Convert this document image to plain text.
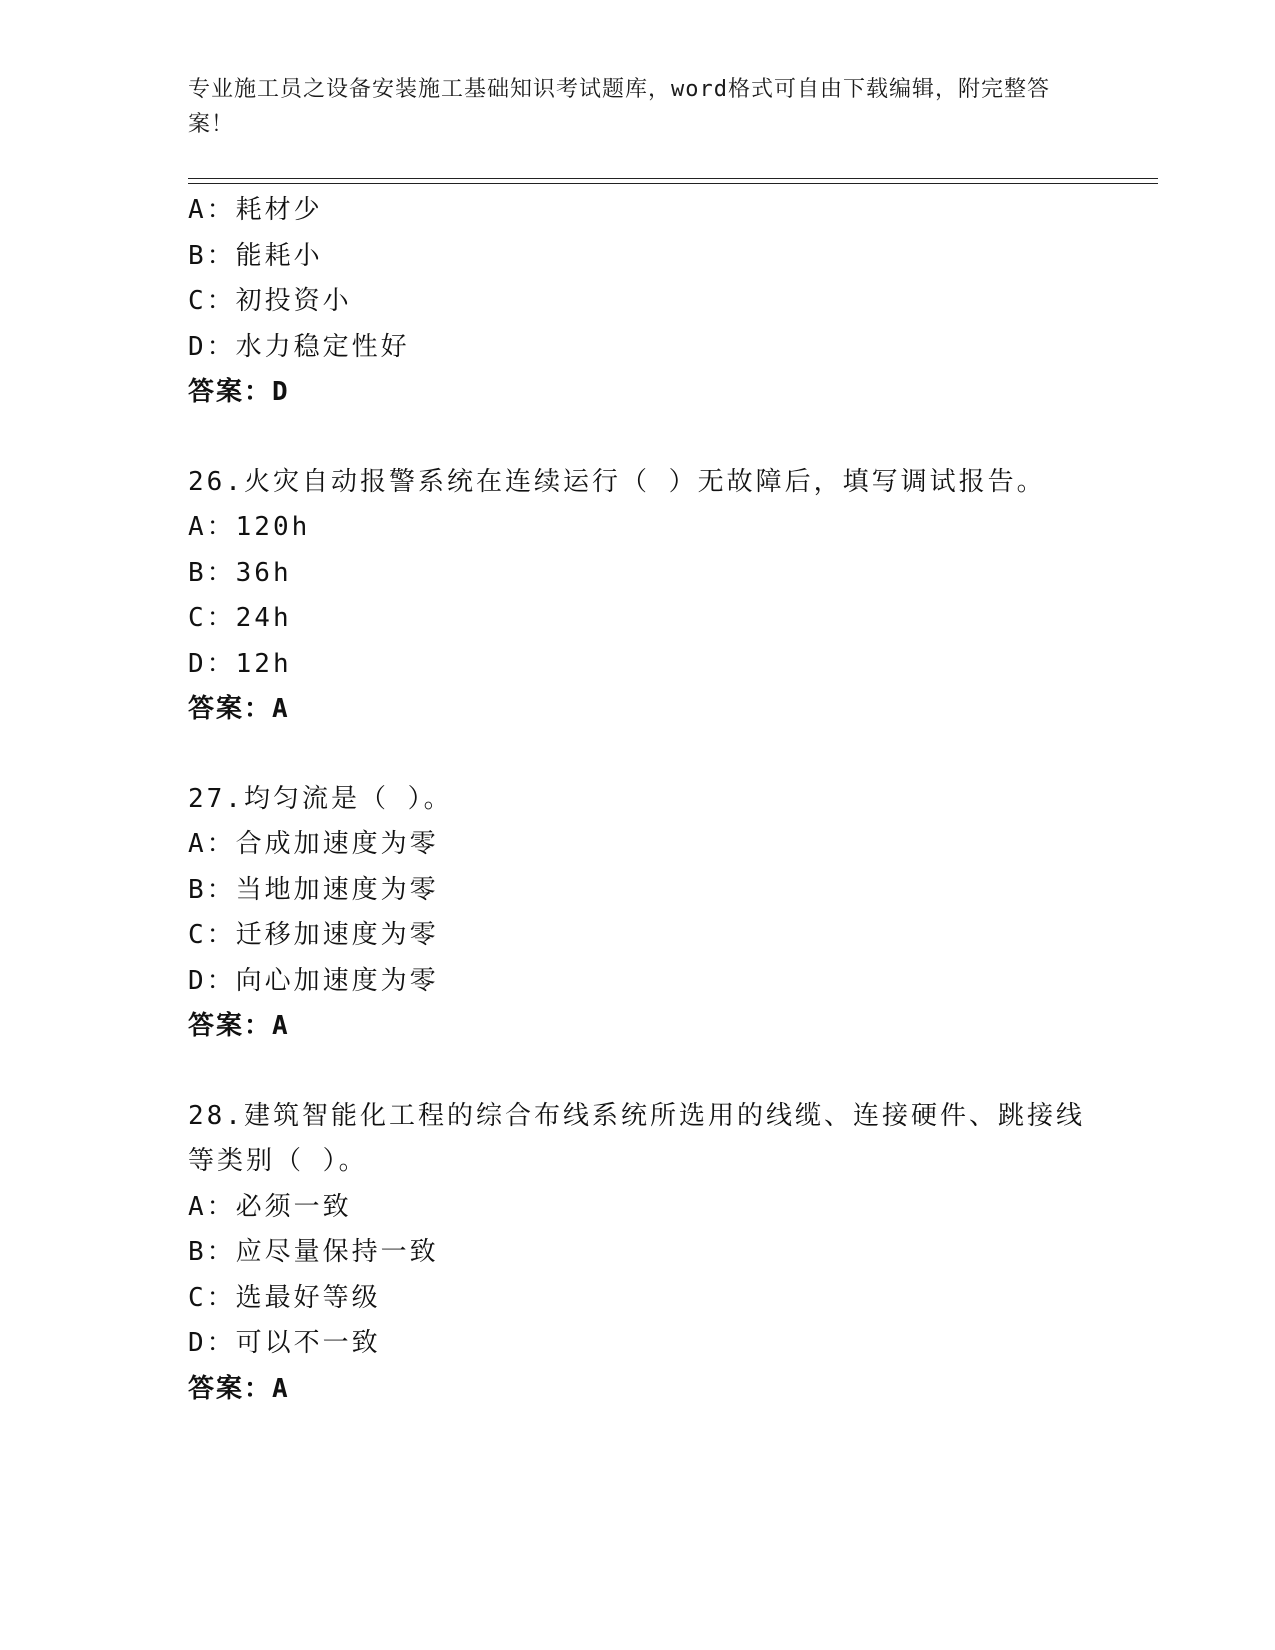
专业施工员之设备安装施工基础知识考试题库，word格式可自由下载编辑，附完整答案！
A：耗材少
B：能耗小
C：初投资小
D：水力稳定性好
答案：D
26.火灾自动报警系统在连续运行（ ）无故障后，填写调试报告。
A：120h
B：36h
C：24h
D：12h
答案：A
27.均匀流是（ ）。
A：合成加速度为零
B：当地加速度为零
C：迁移加速度为零
D：向心加速度为零
答案：A
28.建筑智能化工程的综合布线系统所选用的线缆、连接硬件、跳接线
等类别（ ）。
A：必须一致
B：应尽量保持一致
C：选最好等级
D：可以不一致
答案：A
